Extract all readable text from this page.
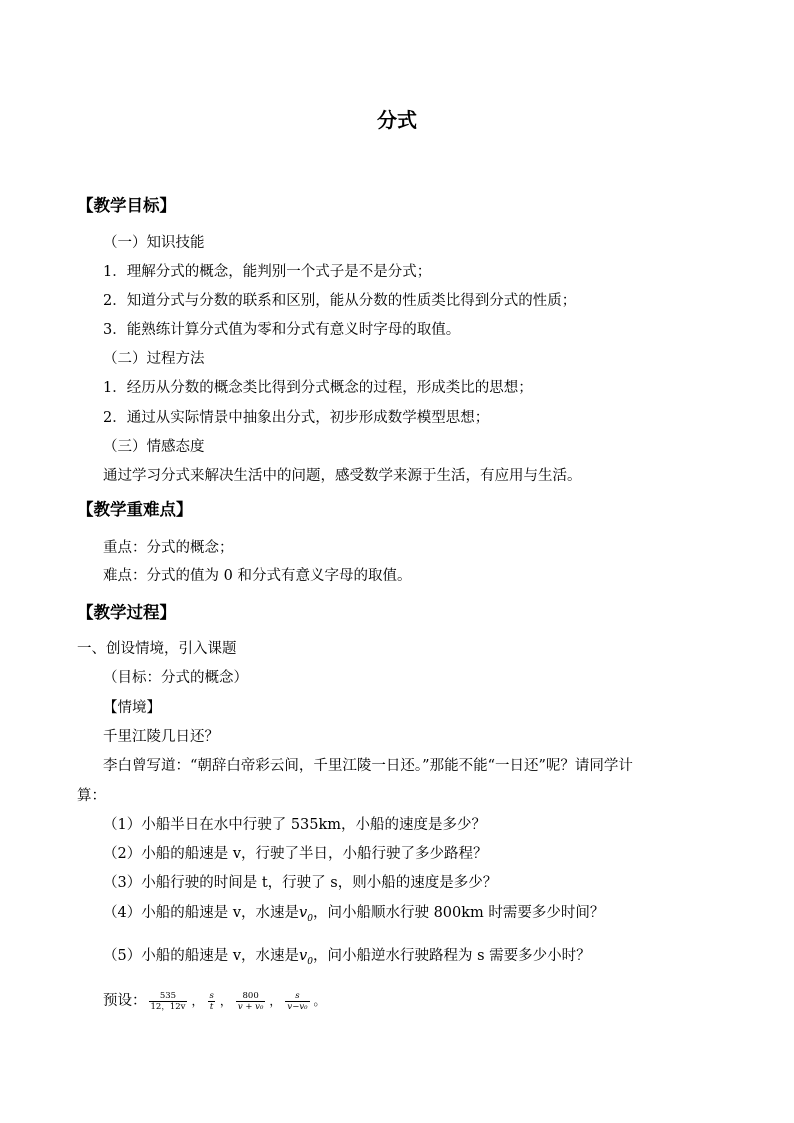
分式
【教学目标】
（一）知识技能
1．理解分式的概念，能判别一个式子是不是分式；
2．知道分式与分数的联系和区别，能从分数的性质类比得到分式的性质；
3．能熟练计算分式值为零和分式有意义时字母的取值。
（二）过程方法
1．经历从分数的概念类比得到分式概念的过程，形成类比的思想；
2．通过从实际情景中抽象出分式，初步形成数学模型思想；
（三）情感态度
通过学习分式来解决生活中的问题，感受数学来源于生活，有应用与生活。
【教学重难点】
重点：分式的概念；
难点：分式的值为 0 和分式有意义字母的取值。
【教学过程】
一、创设情境，引入课题
（目标：分式的概念）
【情境】
千里江陵几日还？
李白曾写道：“朝辞白帝彩云间，千里江陵一日还。”那能不能“一日还”呢？请同学计
算：
（1）小船半日在水中行驶了 535km，小船的速度是多少？
（2）小船的船速是 v，行驶了半日，小船行驶了多少路程？
（3）小船行驶的时间是 t，行驶了 s，则小船的速度是多少？
（4）小船的船速是 v，水速是$v_0$，问小船顺水行驶 800km 时需要多少时间？
（5）小船的船速是 v，水速是$v_0$，问小船逆水行驶路程为 s 需要多少小时？
预设： $\frac{535}{12,12v}$ ， $\frac{s}{t}$ ， $\frac{800}{\text{v + v₀}}$ ， $\frac{s}{\text{v−v₀}}$ 。
